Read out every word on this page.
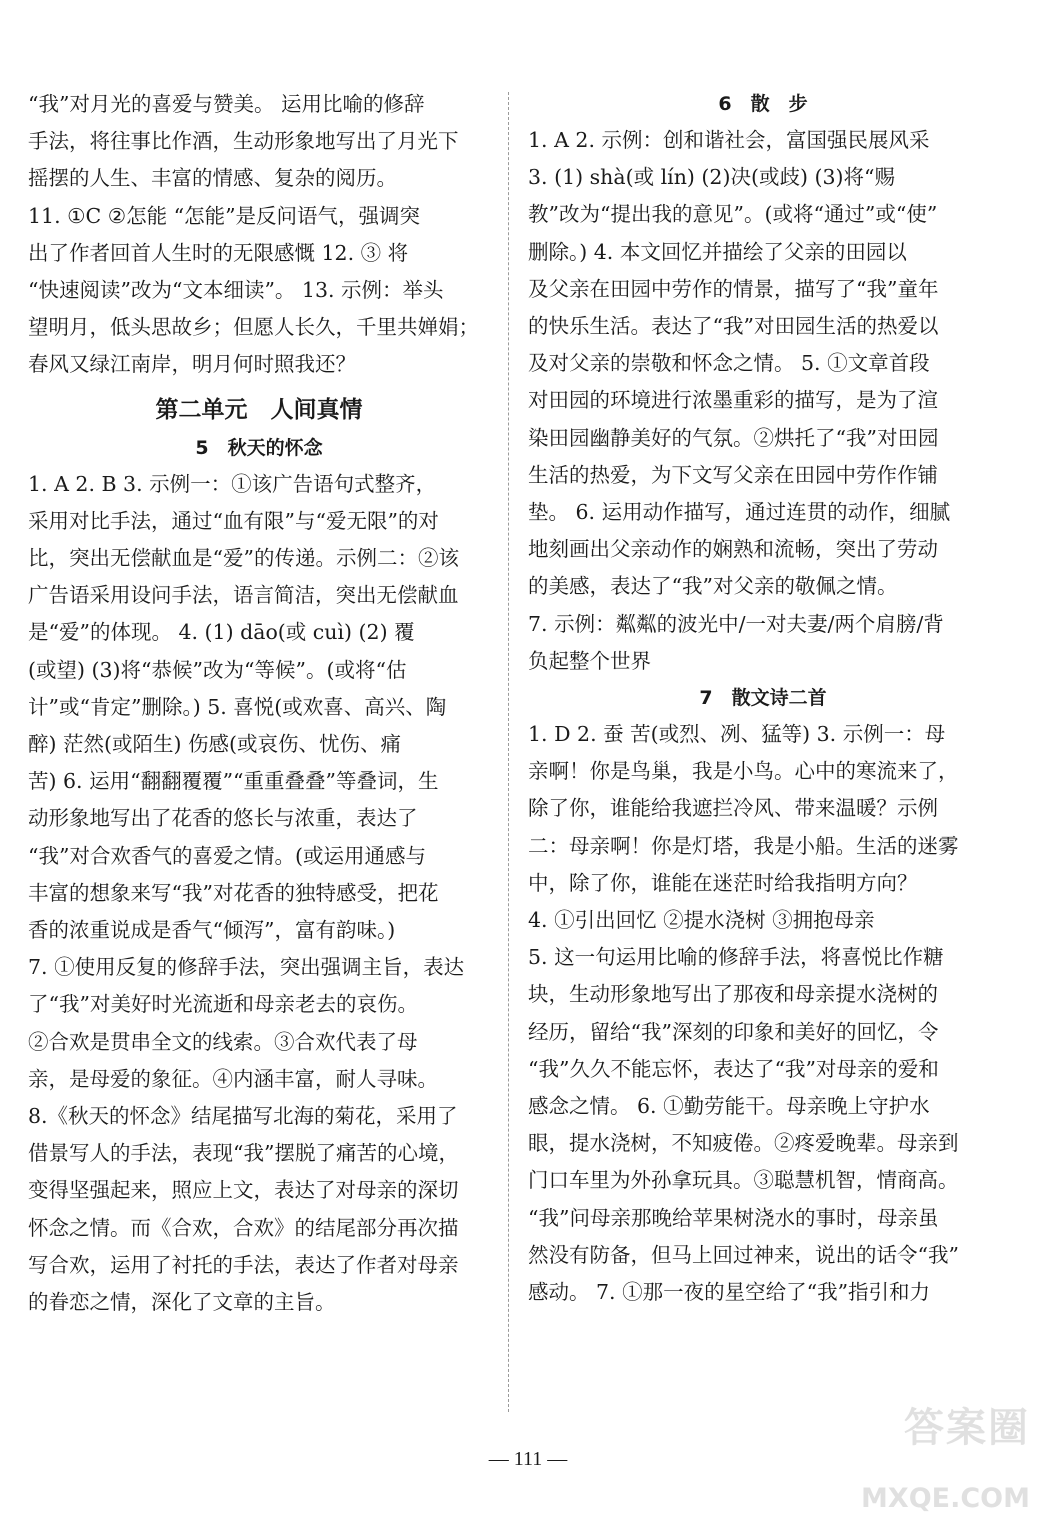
“我”对月光的喜爱与赞美。 运用比喻的修辞
手法，将往事比作酒，生动形象地写出了月光下
摇摆的人生、丰富的情感、复杂的阅历。
11. ①C ②怎能 “怎能”是反问语气，强调突
出了作者回首人生时的无限感慨 12. ③ 将
“快速阅读”改为“文本细读”。 13. 示例：举头
望明月，低头思故乡；但愿人长久，千里共婵娟；
春风又绿江南岸，明月何时照我还？
第二单元　人间真情
5　秋天的怀念
1. A 2. B 3. 示例一：①该广告语句式整齐，
采用对比手法，通过“血有限”与“爱无限”的对
比，突出无偿献血是“爱”的传递。示例二：②该
广告语采用设问手法，语言简洁，突出无偿献血
是“爱”的体现。 4. (1) dāo(或 cuì) (2) 覆
(或望) (3)将“恭候”改为“等候”。(或将“估
计”或“肯定”删除。) 5. 喜悦(或欢喜、高兴、陶
醉) 茫然(或陌生) 伤感(或哀伤、忧伤、痛
苦) 6. 运用“翻翻覆覆”“重重叠叠”等叠词，生
动形象地写出了花香的悠长与浓重，表达了
“我”对合欢香气的喜爱之情。(或运用通感与
丰富的想象来写“我”对花香的独特感受，把花
香的浓重说成是香气“倾泻”，富有韵味。)
7. ①使用反复的修辞手法，突出强调主旨，表达
了“我”对美好时光流逝和母亲老去的哀伤。
②合欢是贯串全文的线索。③合欢代表了母
亲，是母爱的象征。④内涵丰富，耐人寻味。
8.《秋天的怀念》结尾描写北海的菊花，采用了
借景写人的手法，表现“我”摆脱了痛苦的心境，
变得坚强起来，照应上文，表达了对母亲的深切
怀念之情。而《合欢，合欢》的结尾部分再次描
写合欢，运用了衬托的手法，表达了作者对母亲
的眷恋之情，深化了文章的主旨。
6　散　步
1. A 2. 示例：创和谐社会，富国强民展风采
3. (1) shà(或 lín) (2)决(或歧) (3)将“赐
教”改为“提出我的意见”。(或将“通过”或“使”
删除。) 4. 本文回忆并描绘了父亲的田园以
及父亲在田园中劳作的情景，描写了“我”童年
的快乐生活。表达了“我”对田园生活的热爱以
及对父亲的崇敬和怀念之情。 5. ①文章首段
对田园的环境进行浓墨重彩的描写，是为了渲
染田园幽静美好的气氛。②烘托了“我”对田园
生活的热爱，为下文写父亲在田园中劳作作铺
垫。 6. 运用动作描写，通过连贯的动作，细腻
地刻画出父亲动作的娴熟和流畅，突出了劳动
的美感，表达了“我”对父亲的敬佩之情。
7. 示例：粼粼的波光中/一对夫妻/两个肩膀/背
负起整个世界
7　散文诗二首
1. D 2. 蚕 苦(或烈、冽、猛等) 3. 示例一：母
亲啊！你是鸟巢，我是小鸟。心中的寒流来了，
除了你，谁能给我遮拦冷风、带来温暖？示例
二：母亲啊！你是灯塔，我是小船。生活的迷雾
中，除了你，谁能在迷茫时给我指明方向？
4. ①引出回忆 ②提水浇树 ③拥抱母亲
5. 这一句运用比喻的修辞手法，将喜悦比作糖
块，生动形象地写出了那夜和母亲提水浇树的
经历，留给“我”深刻的印象和美好的回忆，令
“我”久久不能忘怀，表达了“我”对母亲的爱和
感念之情。 6. ①勤劳能干。母亲晚上守护水
眼，提水浇树，不知疲倦。②疼爱晚辈。母亲到
门口车里为外孙拿玩具。③聪慧机智，情商高。
“我”问母亲那晚给苹果树浇水的事时，母亲虽
然没有防备，但马上回过神来，说出的话令“我”
感动。 7. ①那一夜的星空给了“我”指引和力
— 111 —
答案圈
MXQE.COM
